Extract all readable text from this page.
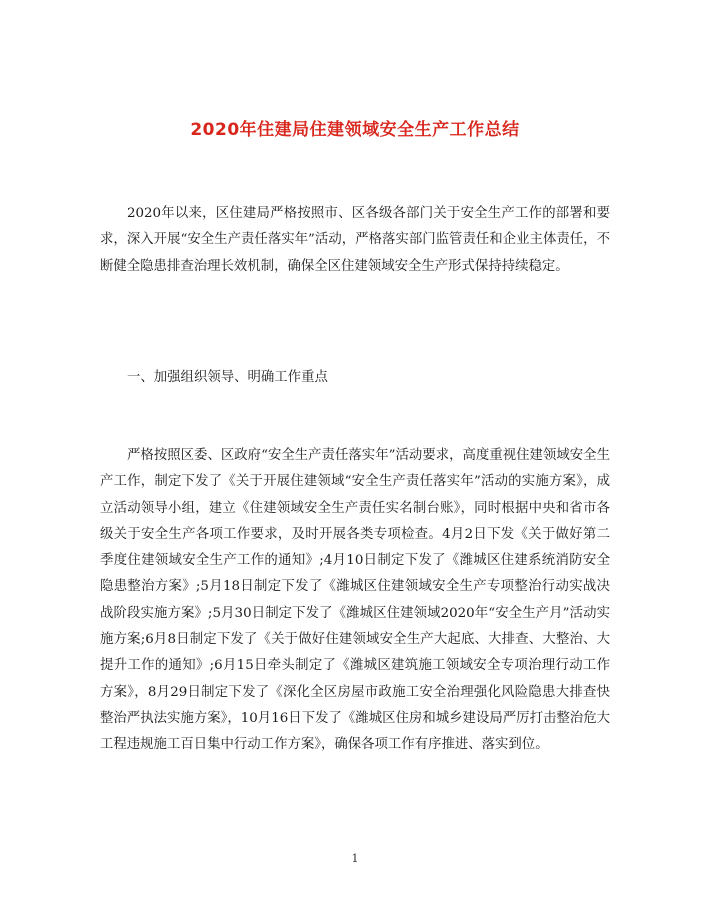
2020年住建局住建领域安全生产工作总结

2020年以来，区住建局严格按照市、区各级各部门关于安全生产工作的部署和要求，深入开展“安全生产责任落实年”活动，严格落实部门监管责任和企业主体责任，不断健全隐患排查治理长效机制，确保全区住建领域安全生产形式保持持续稳定。

一、加强组织领导、明确工作重点

严格按照区委、区政府“安全生产责任落实年”活动要求，高度重视住建领域安全生产工作，制定下发了《关于开展住建领域“安全生产责任落实年”活动的实施方案》，成立活动领导小组，建立《住建领域安全生产责任实名制台账》，同时根据中央和省市各级关于安全生产各项工作要求，及时开展各类专项检查。4月2日下发《关于做好第二季度住建领域安全生产工作的通知》;4月10日制定下发了《潍城区住建系统消防安全隐患整治方案》;5月18日制定下发了《潍城区住建领域安全生产专项整治行动实战决战阶段实施方案》;5月30日制定下发了《潍城区住建领域2020年“安全生产月”活动实施方案;6月8日制定下发了《关于做好住建领域安全生产大起底、大排查、大整治、大提升工作的通知》;6月15日牵头制定了《潍城区建筑施工领域安全专项治理行动工作方案》，8月29日制定下发了《深化全区房屋市政施工安全治理强化风险隐患大排查快整治严执法实施方案》，10月16日下发了《潍城区住房和城乡建设局严厉打击整治危大工程违规施工百日集中行动工作方案》，确保各项工作有序推进、落实到位。

1
